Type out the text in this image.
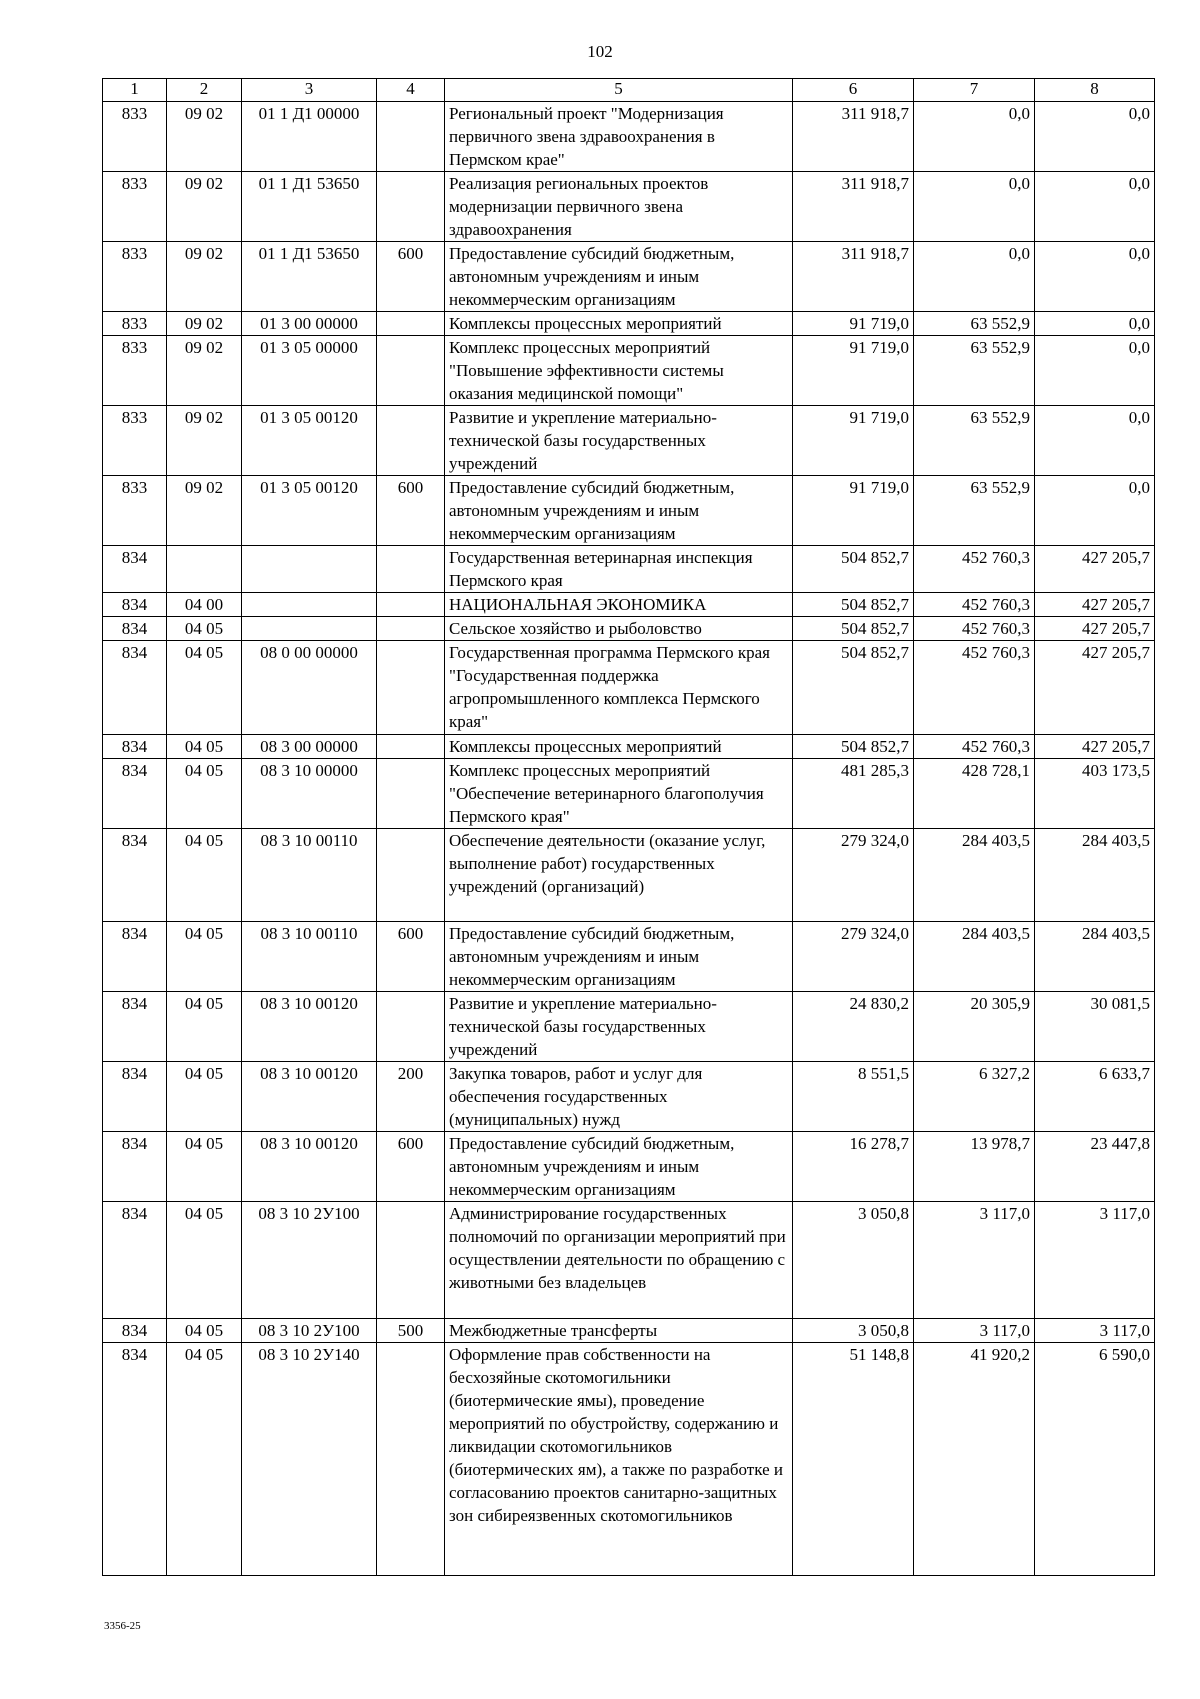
102
1	2	3	4	5	6	7	8
833	09 02	01 1 Д1 00000		Региональный проект "Модернизация первичного звена здравоохранения в Пермском крае"	311 918,7	0,0	0,0
833	09 02	01 1 Д1 53650		Реализация региональных проектов модернизации первичного звена здравоохранения	311 918,7	0,0	0,0
833	09 02	01 1 Д1 53650	600	Предоставление субсидий бюджетным, автономным учреждениям и иным некоммерческим организациям	311 918,7	0,0	0,0
833	09 02	01 3 00 00000		Комплексы процессных мероприятий	91 719,0	63 552,9	0,0
833	09 02	01 3 05 00000		Комплекс процессных мероприятий "Повышение эффективности системы оказания медицинской помощи"	91 719,0	63 552,9	0,0
833	09 02	01 3 05 00120		Развитие и укрепление материально-технической базы государственных учреждений	91 719,0	63 552,9	0,0
833	09 02	01 3 05 00120	600	Предоставление субсидий бюджетным, автономным учреждениям и иным некоммерческим организациям	91 719,0	63 552,9	0,0
834				Государственная ветеринарная инспекция Пермского края	504 852,7	452 760,3	427 205,7
834	04 00			НАЦИОНАЛЬНАЯ ЭКОНОМИКА	504 852,7	452 760,3	427 205,7
834	04 05			Сельское хозяйство и рыболовство	504 852,7	452 760,3	427 205,7
834	04 05	08 0 00 00000		Государственная программа Пермского края "Государственная поддержка агропромышленного комплекса Пермского края"	504 852,7	452 760,3	427 205,7
834	04 05	08 3 00 00000		Комплексы процессных мероприятий	504 852,7	452 760,3	427 205,7
834	04 05	08 3 10 00000		Комплекс процессных мероприятий "Обеспечение ветеринарного благополучия Пермского края"	481 285,3	428 728,1	403 173,5
834	04 05	08 3 10 00110		Обеспечение деятельности (оказание услуг, выполнение работ) государственных учреждений (организаций)	279 324,0	284 403,5	284 403,5
834	04 05	08 3 10 00110	600	Предоставление субсидий бюджетным, автономным учреждениям и иным некоммерческим организациям	279 324,0	284 403,5	284 403,5
834	04 05	08 3 10 00120		Развитие и укрепление материально-технической базы государственных учреждений	24 830,2	20 305,9	30 081,5
834	04 05	08 3 10 00120	200	Закупка товаров, работ и услуг для обеспечения государственных (муниципальных) нужд	8 551,5	6 327,2	6 633,7
834	04 05	08 3 10 00120	600	Предоставление субсидий бюджетным, автономным учреждениям и иным некоммерческим организациям	16 278,7	13 978,7	23 447,8
834	04 05	08 3 10 2У100		Администрирование государственных полномочий по организации мероприятий при осуществлении деятельности по обращению с животными без владельцев	3 050,8	3 117,0	3 117,0
834	04 05	08 3 10 2У100	500	Межбюджетные трансферты	3 050,8	3 117,0	3 117,0
834	04 05	08 3 10 2У140		Оформление прав собственности на бесхозяйные скотомогильники (биотермические ямы), проведение мероприятий по обустройству, содержанию и ликвидации скотомогильников (биотермических ям), а также по разработке и согласованию проектов санитарно-защитных зон сибиреязвенных скотомогильников	51 148,8	41 920,2	6 590,0
3356-25
